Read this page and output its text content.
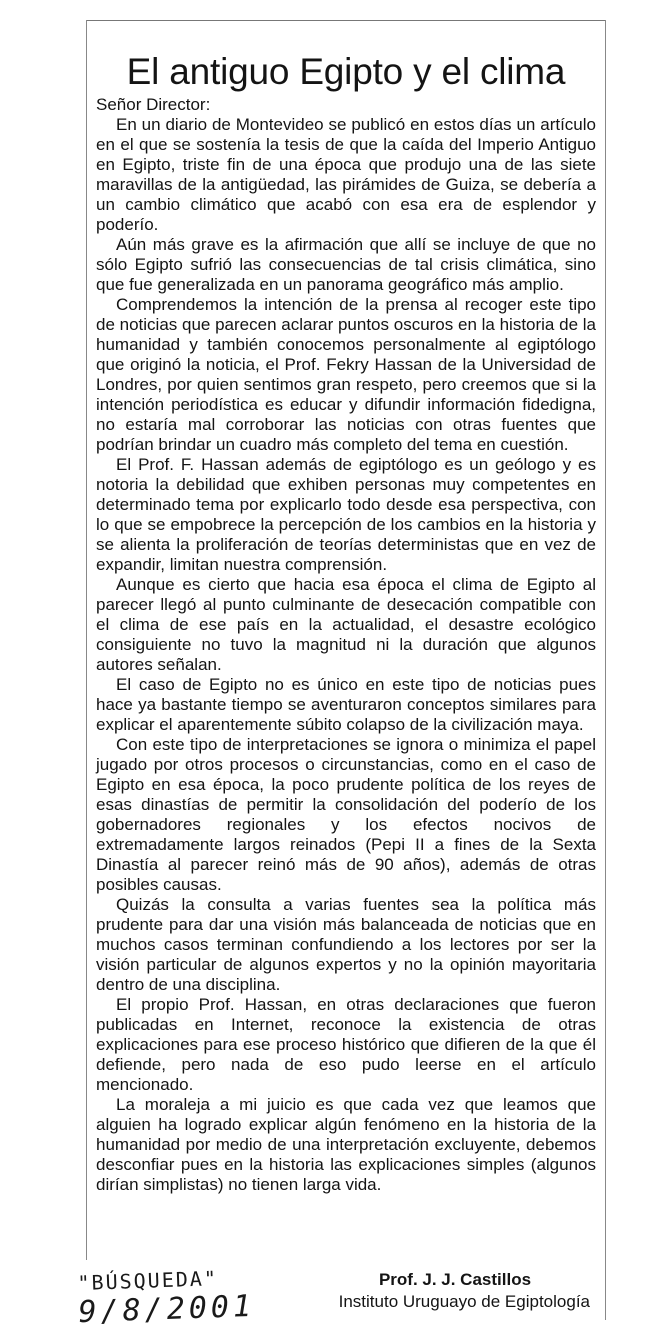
El antiguo Egipto y el clima

Señor Director:

En un diario de Montevideo se publicó en estos días un artículo en el que se sostenía la tesis de que la caída del Imperio Antiguo en Egipto, triste fin de una época que produjo una de las siete maravillas de la antigüedad, las pirámides de Guiza, se debería a un cambio climático que acabó con esa era de esplendor y poderío.

Aún más grave es la afirmación que allí se incluye de que no sólo Egipto sufrió las consecuencias de tal crisis climática, sino que fue generalizada en un panorama geográfico más amplio.

Comprendemos la intención de la prensa al recoger este tipo de noticias que parecen aclarar puntos oscuros en la historia de la humanidad y también conocemos personalmente al egiptólogo que originó la noticia, el Prof. Fekry Hassan de la Universidad de Londres, por quien sentimos gran respeto, pero creemos que si la intención periodística es educar y difundir información fidedigna, no estaría mal corroborar las noticias con otras fuentes que podrían brindar un cuadro más completo del tema en cuestión.

El Prof. F. Hassan además de egiptólogo es un geólogo y es notoria la debilidad que exhiben personas muy competentes en determinado tema por explicarlo todo desde esa perspectiva, con lo que se empobrece la percepción de los cambios en la historia y se alienta la proliferación de teorías deterministas que en vez de expandir, limitan nuestra comprensión.

Aunque es cierto que hacia esa época el clima de Egipto al parecer llegó al punto culminante de desecación compatible con el clima de ese país en la actualidad, el desastre ecológico consiguiente no tuvo la magnitud ni la duración que algunos autores señalan.

El caso de Egipto no es único en este tipo de noticias pues hace ya bastante tiempo se aventuraron conceptos similares para explicar el aparentemente súbito colapso de la civilización maya.

Con este tipo de interpretaciones se ignora o minimiza el papel jugado por otros procesos o circunstancias, como en el caso de Egipto en esa época, la poco prudente política de los reyes de esas dinastías de permitir la consolidación del poderío de los gobernadores regionales y los efectos nocivos de extremadamente largos reinados (Pepi II a fines de la Sexta Dinastía al parecer reinó más de 90 años), además de otras posibles causas.

Quizás la consulta a varias fuentes sea la política más prudente para dar una visión más balanceada de noticias que en muchos casos terminan confundiendo a los lectores por ser la visión particular de algunos expertos y no la opinión mayoritaria dentro de una disciplina.

El propio Prof. Hassan, en otras declaraciones que fueron publicadas en Internet, reconoce la existencia de otras explicaciones para ese proceso histórico que difieren de la que él defiende, pero nada de eso pudo leerse en el artículo mencionado.

La moraleja a mi juicio es que cada vez que leamos que alguien ha logrado explicar algún fenómeno en la historia de la humanidad por medio de una interpretación excluyente, debemos desconfiar pues en la historia las explicaciones simples (algunos dirían simplistas) no tienen larga vida.

"BÚSQUEDA"
9/8/2001
Prof. J. J. Castillos
Instituto Uruguayo de Egiptología
